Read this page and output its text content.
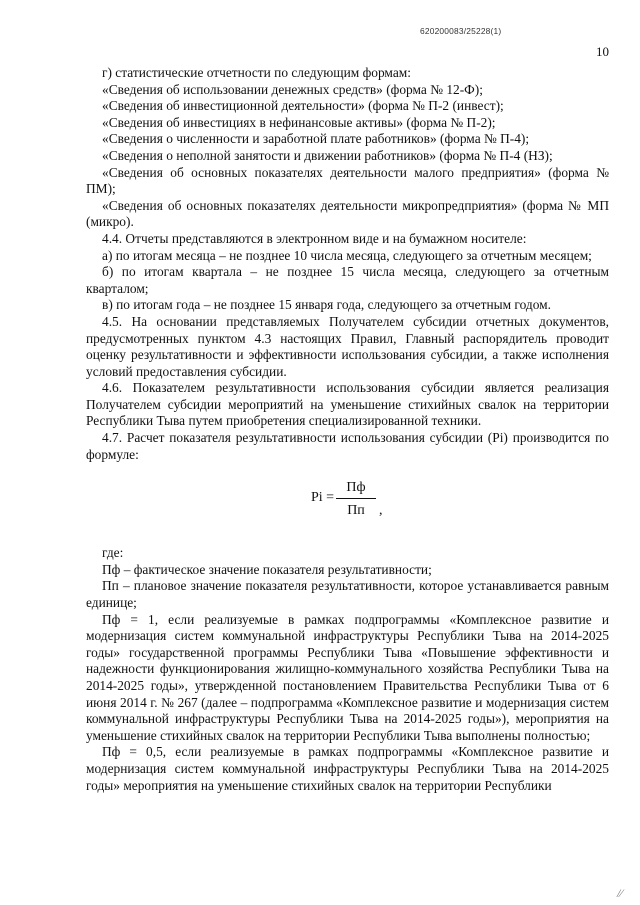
620200083/25228(1)
10

г) статистические отчетности по следующим формам:

«Сведения об использовании денежных средств» (форма № 12-Ф);

«Сведения об инвестиционной деятельности» (форма № П-2 (инвест);

«Сведения об инвестициях в нефинансовые активы» (форма № П-2);

«Сведения о численности и заработной плате работников» (форма № П-4);

«Сведения о неполной занятости и движении работников» (форма № П-4 (НЗ);

«Сведения об основных показателях деятельности малого предприятия» (форма № ПМ);

«Сведения об основных показателях деятельности микропредприятия» (форма № МП (микро).

4.4. Отчеты представляются в электронном виде и на бумажном носителе:

а) по итогам месяца – не позднее 10 числа месяца, следующего за отчетным месяцем;

б) по итогам квартала – не позднее 15 числа месяца, следующего за отчетным кварталом;

в) по итогам года – не позднее 15 января года, следующего за отчетным годом.

4.5. На основании представляемых Получателем субсидии отчетных документов, предусмотренных пунктом 4.3 настоящих Правил, Главный распорядитель проводит оценку результативности и эффективности использования субсидии, а также исполнения условий предоставления субсидии.

4.6. Показателем результативности использования субсидии является реализация Получателем субсидии мероприятий на уменьшение стихийных свалок на территории Республики Тыва путем приобретения специализированной техники.

4.7. Расчет показателя результативности использования субсидии (Pi) производится по формуле:

Pi =
Пф
Пп	,

где:

Пф – фактическое значение показателя результативности;

Пп – плановое значение показателя результативности, которое устанавливается равным единице;

Пф = 1, если реализуемые в рамках подпрограммы «Комплексное развитие и модернизация систем коммунальной инфраструктуры Республики Тыва на 2014-2025 годы» государственной программы Республики Тыва «Повышение эффективности и надежности функционирования жилищно-коммунального хозяйства Республики Тыва на 2014-2025 годы», утвержденной постановлением Правительства Республики Тыва от 6 июня 2014 г. № 267 (далее – подпрограмма «Комплексное развитие и модернизация систем коммунальной инфраструктуры Республики Тыва на 2014-2025 годы»), мероприятия на уменьшение стихийных свалок на территории Республики Тыва выполнены полностью;

Пф = 0,5, если реализуемые в рамках подпрограммы «Комплексное развитие и модернизация систем коммунальной инфраструктуры Республики Тыва на 2014-2025 годы» мероприятия на уменьшение стихийных свалок на территории Республики

/⁄
